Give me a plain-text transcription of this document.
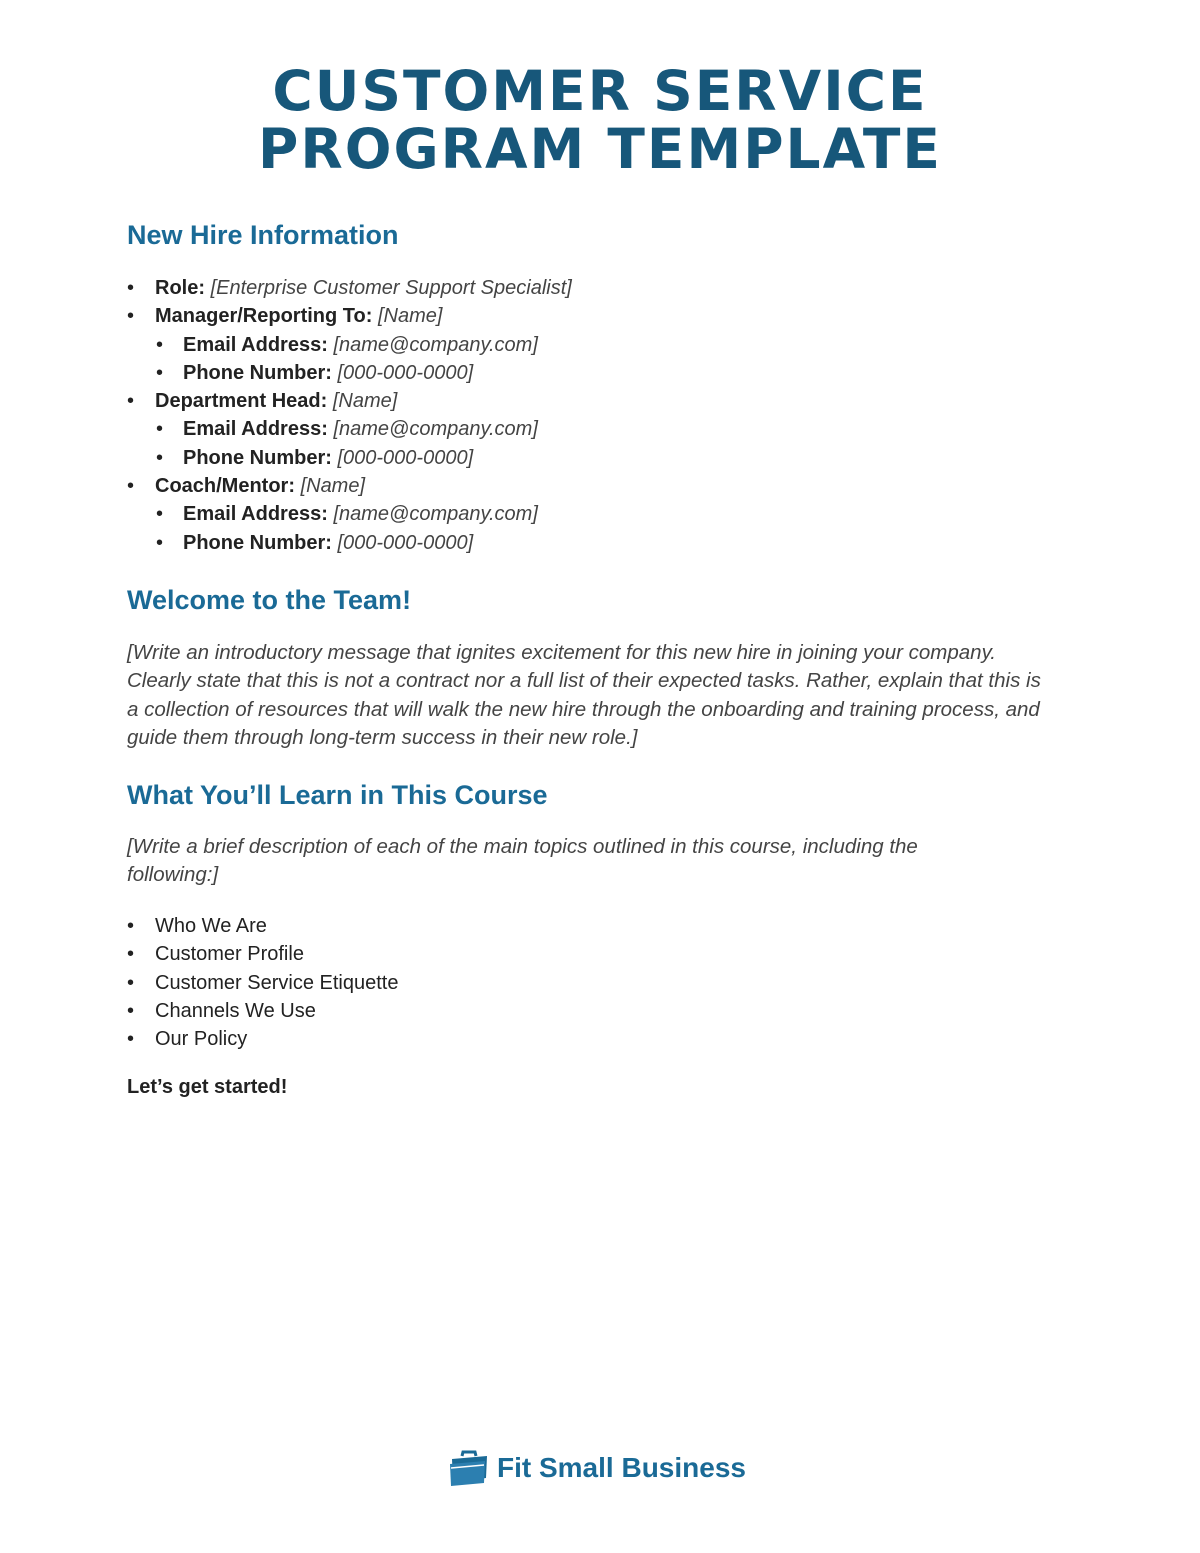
CUSTOMER SERVICE
PROGRAM TEMPLATE
New Hire Information
• Role: [Enterprise Customer Support Specialist]
• Manager/Reporting To: [Name]
• Email Address: [name@company.com]
• Phone Number: [000-000-0000]
• Department Head: [Name]
• Email Address: [name@company.com]
• Phone Number: [000-000-0000]
• Coach/Mentor: [Name]
• Email Address: [name@company.com]
• Phone Number: [000-000-0000]
Welcome to the Team!

[Write an introductory message that ignites excitement for this new hire in joining your company. Clearly state that this is not a contract nor a full list of their expected tasks. Rather, explain that this is a collection of resources that will walk the new hire through the onboarding and training process, and guide them through long-term success in their new role.]

What You’ll Learn in This Course

[Write a brief description of each of the main topics outlined in this course, including the following:]

• Who We Are
• Customer Profile
• Customer Service Etiquette
• Channels We Use
• Our Policy

Let’s get started!

Fit Small Business
